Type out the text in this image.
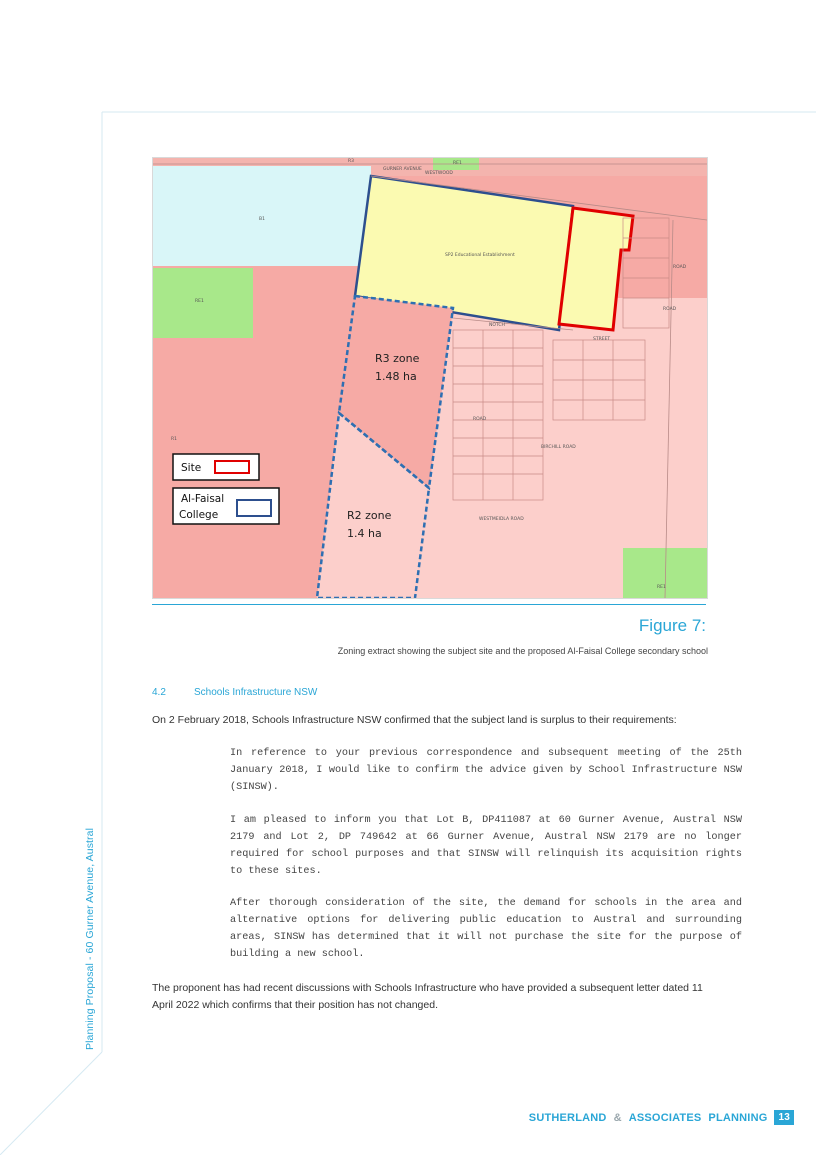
Planning Proposal - 60 Gurner Avenue, Austral
R3
B1
RE1
RE1
R1
SP2 Educational Establishment
RE1
GURNER AVENUE
WESTWOOD
NOTCH
STREET
ROAD
ROAD
ROAD
WESTMEIDLA ROAD
BIRCHILL ROAD
R3 zone
1.48 ha
R2 zone
1.4 ha
Site
Al-Faisal
College
Figure 7:
Zoning extract showing the subject site and the proposed Al-Faisal College secondary school
4.2	Schools Infrastructure NSW
On 2 February 2018, Schools Infrastructure NSW confirmed that the subject land is surplus to their requirements:
In reference to your previous correspondence and subsequent meeting of the 25th January 2018, I would like to confirm the advice given by School Infrastructure NSW (SINSW).
I am pleased to inform you that Lot B, DP411087 at 60 Gurner Avenue, Austral NSW 2179 and Lot 2, DP 749642 at 66 Gurner Avenue, Austral NSW 2179 are no longer required for school purposes and that SINSW will relinquish its acquisition rights to these sites.
After thorough consideration of the site, the demand for schools in the area and alternative options for delivering public education to Austral and surrounding areas, SINSW has determined that it will not purchase the site for the purpose of building a new school.
The proponent has had recent discussions with Schools Infrastructure who have provided a subsequent letter dated 11 April 2022 which confirms that their position has not changed.
SUTHERLAND & ASSOCIATES PLANNING	13
